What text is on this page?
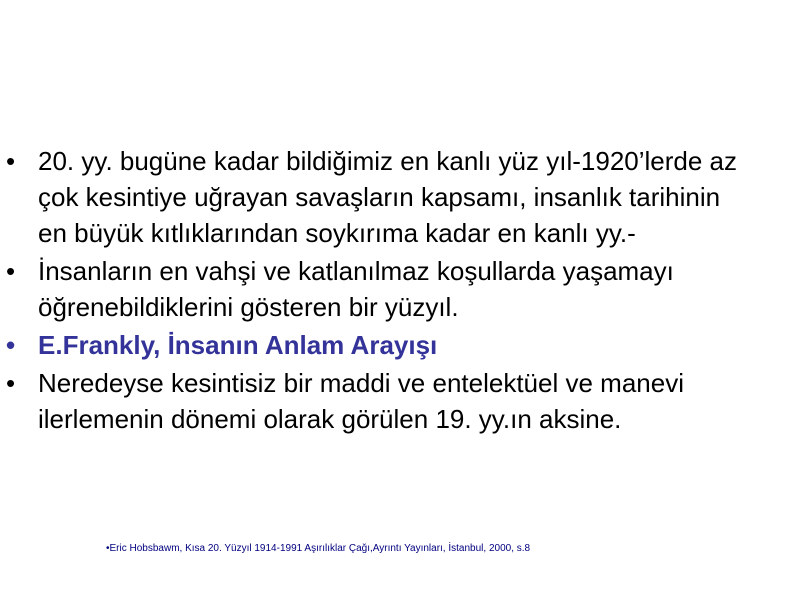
• 20. yy. bugüne kadar bildiğimiz en kanlı yüz yıl-1920’lerde az çok kesintiye uğrayan savaşların kapsamı, insanlık tarihinin en büyük kıtlıklarından soykırıma kadar en kanlı yy.-
• İnsanların en vahşi ve katlanılmaz koşullarda yaşamayı öğrenebildiklerini gösteren bir yüzyıl.
• E.Frankly, İnsanın Anlam Arayışı
• Neredeyse kesintisiz bir maddi ve entelektüel ve manevi ilerlemenin dönemi olarak görülen 19. yy.ın aksine.
•Eric Hobsbawm, Kısa 20. Yüzyıl 1914-1991 Aşırılıklar Çağı,Ayrıntı Yayınları, İstanbul, 2000, s.8
